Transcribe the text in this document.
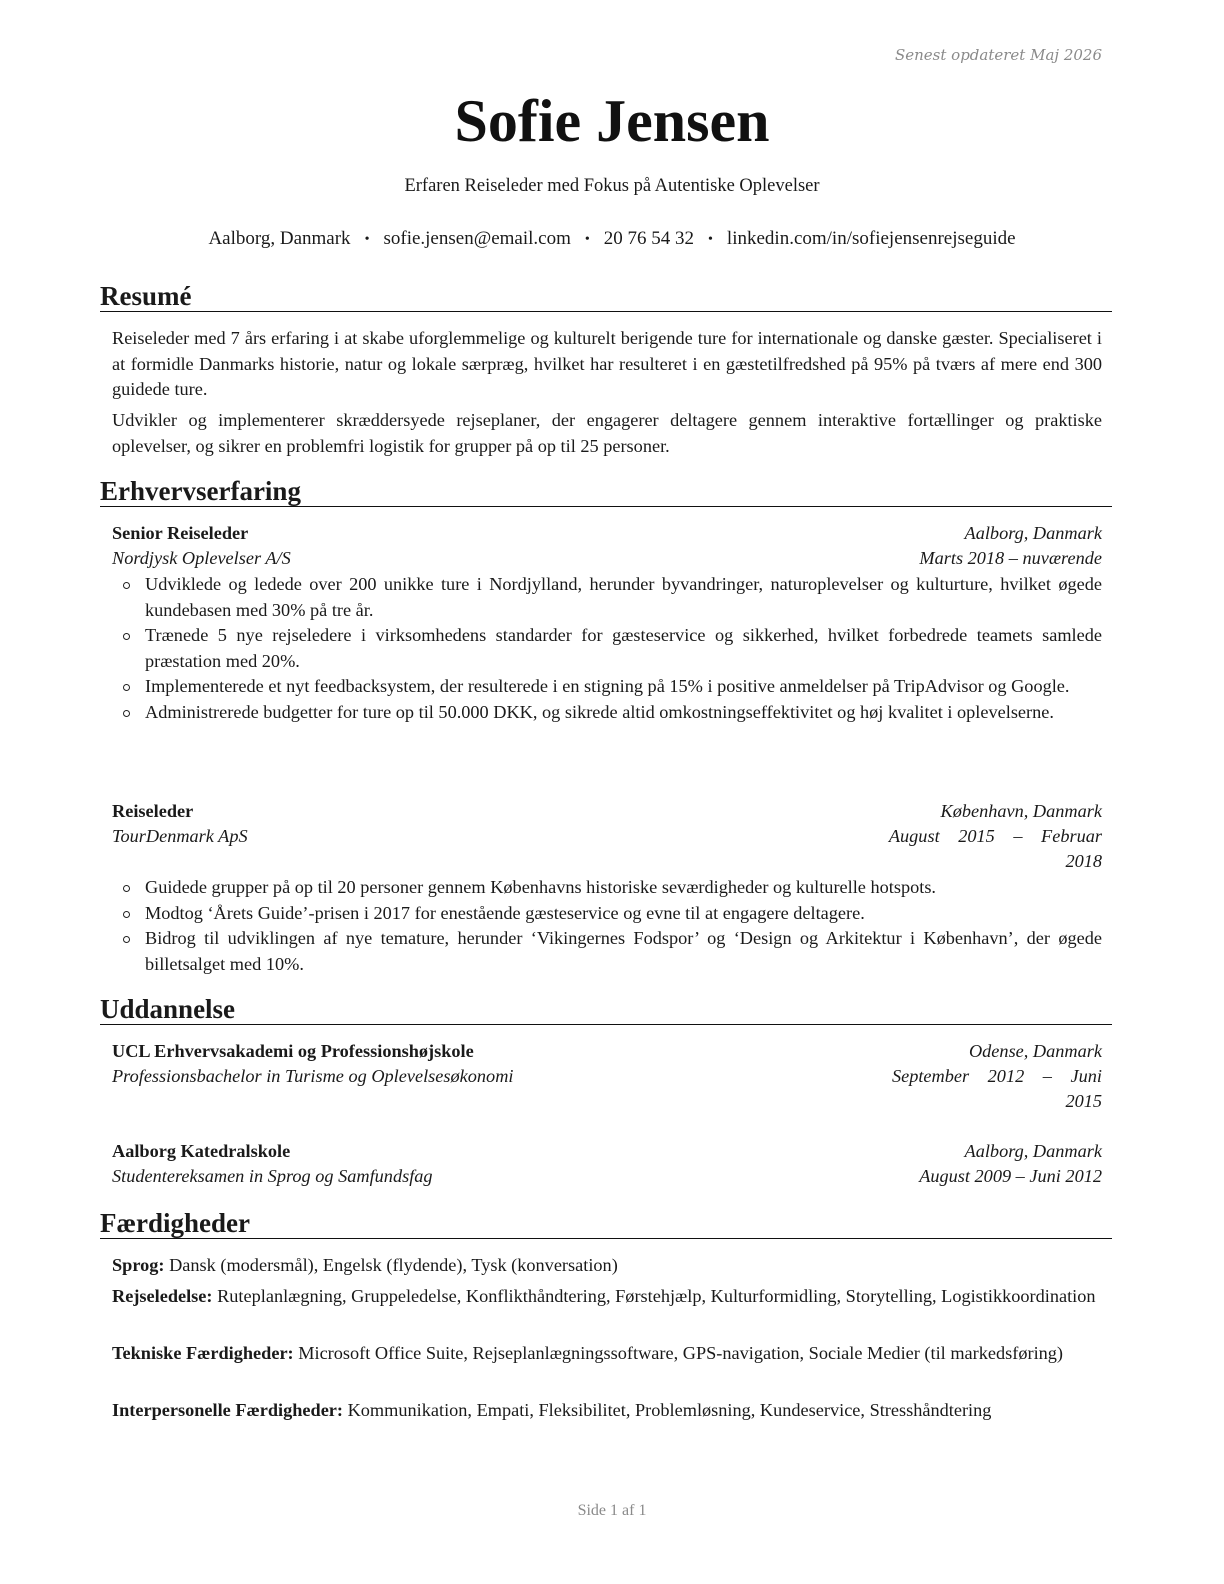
Senest opdateret Maj 2026
Sofie Jensen
Erfaren Reiseleder med Fokus på Autentiske Oplevelser
Aalborg, Danmark • sofie.jensen@email.com • 20 76 54 32 • linkedin.com/in/sofiejensenrejseguide
Resumé
Reiseleder med 7 års erfaring i at skabe uforglemmelige og kulturelt berigende ture for internationale og danske gæster. Specialiseret i at formidle Danmarks historie, natur og lokale særpræg, hvilket har resulteret i en gæstetilfredshed på 95% på tværs af mere end 300 guidede ture.
Udvikler og implementerer skræddersyede rejseplaner, der engagerer deltagere gennem interaktive fortællinger og praktiske oplevelser, og sikrer en problemfri logistik for grupper på op til 25 personer.
Erhvervserfaring
Senior Reiseleder	Aalborg, Danmark
Nordjysk Oplevelser A/S	Marts 2018 – nuværende
Udviklede og ledede over 200 unikke ture i Nordjylland, herunder byvandringer, naturoplevelser og kulturture, hvilket øgede kundebasen med 30% på tre år.
Trænede 5 nye rejseledere i virksomhedens standarder for gæsteservice og sikkerhed, hvilket forbedrede teamets samlede præstation med 20%.
Implementerede et nyt feedbacksystem, der resulterede i en stigning på 15% i positive anmeldelser på TripAdvisor og Google.
Administrerede budgetter for ture op til 50.000 DKK, og sikrede altid omkostningseffektivitet og høj kvalitet i oplevelserne.
Reiseleder	København, Danmark
TourDenmark ApS	August 2015 – Februar
2018
Guidede grupper på op til 20 personer gennem Københavns historiske seværdigheder og kulturelle hotspots.
Modtog ‘Årets Guide’-prisen i 2017 for enestående gæsteservice og evne til at engagere deltagere.
Bidrog til udviklingen af nye temature, herunder ‘Vikingernes Fodspor’ og ‘Design og Arkitektur i København’, der øgede billetsalget med 10%.
Uddannelse
UCL Erhvervsakademi og Professionshøjskole	Odense, Danmark
Professionsbachelor in Turisme og Oplevelsesøkonomi	September 2012 – Juni
2015
Aalborg Katedralskole	Aalborg, Danmark
Studentereksamen in Sprog og Samfundsfag	August 2009 – Juni 2012
Færdigheder
Sprog: Dansk (modersmål), Engelsk (flydende), Tysk (konversation)
Rejseledelse: Ruteplanlægning, Gruppeledelse, Konflikthåndtering, Førstehjælp, Kulturformidling, Storytelling, Logistikkoordination
Tekniske Færdigheder: Microsoft Office Suite, Rejseplanlægningssoftware, GPS-navigation, Sociale Medier (til markedsføring)
Interpersonelle Færdigheder: Kommunikation, Empati, Fleksibilitet, Problemløsning, Kundeservice, Stresshåndtering
Side 1 af 1
